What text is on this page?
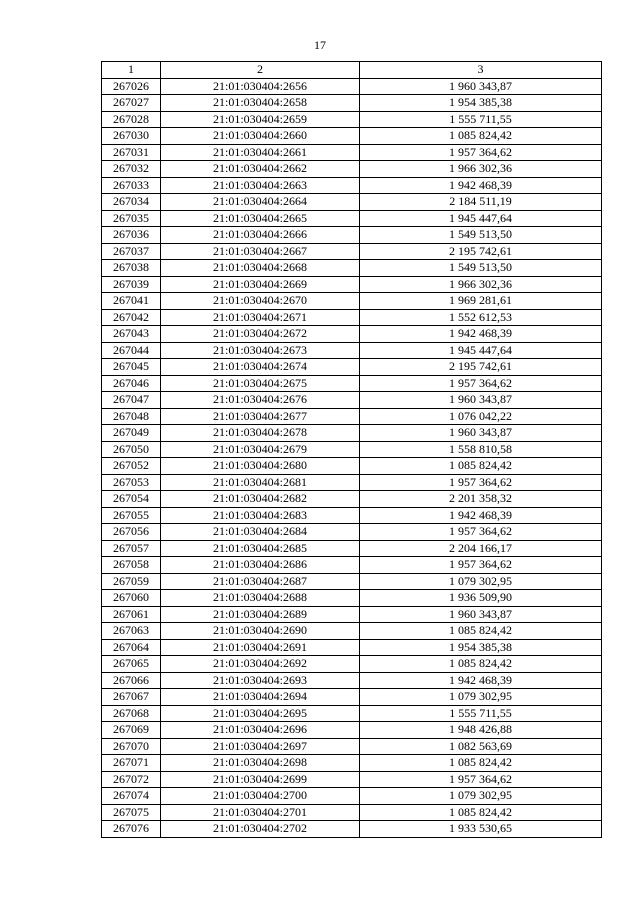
17
1	2	3
267026	21:01:030404:2656	1 960 343,87
267027	21:01:030404:2658	1 954 385,38
267028	21:01:030404:2659	1 555 711,55
267030	21:01:030404:2660	1 085 824,42
267031	21:01:030404:2661	1 957 364,62
267032	21:01:030404:2662	1 966 302,36
267033	21:01:030404:2663	1 942 468,39
267034	21:01:030404:2664	2 184 511,19
267035	21:01:030404:2665	1 945 447,64
267036	21:01:030404:2666	1 549 513,50
267037	21:01:030404:2667	2 195 742,61
267038	21:01:030404:2668	1 549 513,50
267039	21:01:030404:2669	1 966 302,36
267041	21:01:030404:2670	1 969 281,61
267042	21:01:030404:2671	1 552 612,53
267043	21:01:030404:2672	1 942 468,39
267044	21:01:030404:2673	1 945 447,64
267045	21:01:030404:2674	2 195 742,61
267046	21:01:030404:2675	1 957 364,62
267047	21:01:030404:2676	1 960 343,87
267048	21:01:030404:2677	1 076 042,22
267049	21:01:030404:2678	1 960 343,87
267050	21:01:030404:2679	1 558 810,58
267052	21:01:030404:2680	1 085 824,42
267053	21:01:030404:2681	1 957 364,62
267054	21:01:030404:2682	2 201 358,32
267055	21:01:030404:2683	1 942 468,39
267056	21:01:030404:2684	1 957 364,62
267057	21:01:030404:2685	2 204 166,17
267058	21:01:030404:2686	1 957 364,62
267059	21:01:030404:2687	1 079 302,95
267060	21:01:030404:2688	1 936 509,90
267061	21:01:030404:2689	1 960 343,87
267063	21:01:030404:2690	1 085 824,42
267064	21:01:030404:2691	1 954 385,38
267065	21:01:030404:2692	1 085 824,42
267066	21:01:030404:2693	1 942 468,39
267067	21:01:030404:2694	1 079 302,95
267068	21:01:030404:2695	1 555 711,55
267069	21:01:030404:2696	1 948 426,88
267070	21:01:030404:2697	1 082 563,69
267071	21:01:030404:2698	1 085 824,42
267072	21:01:030404:2699	1 957 364,62
267074	21:01:030404:2700	1 079 302,95
267075	21:01:030404:2701	1 085 824,42
267076	21:01:030404:2702	1 933 530,65
